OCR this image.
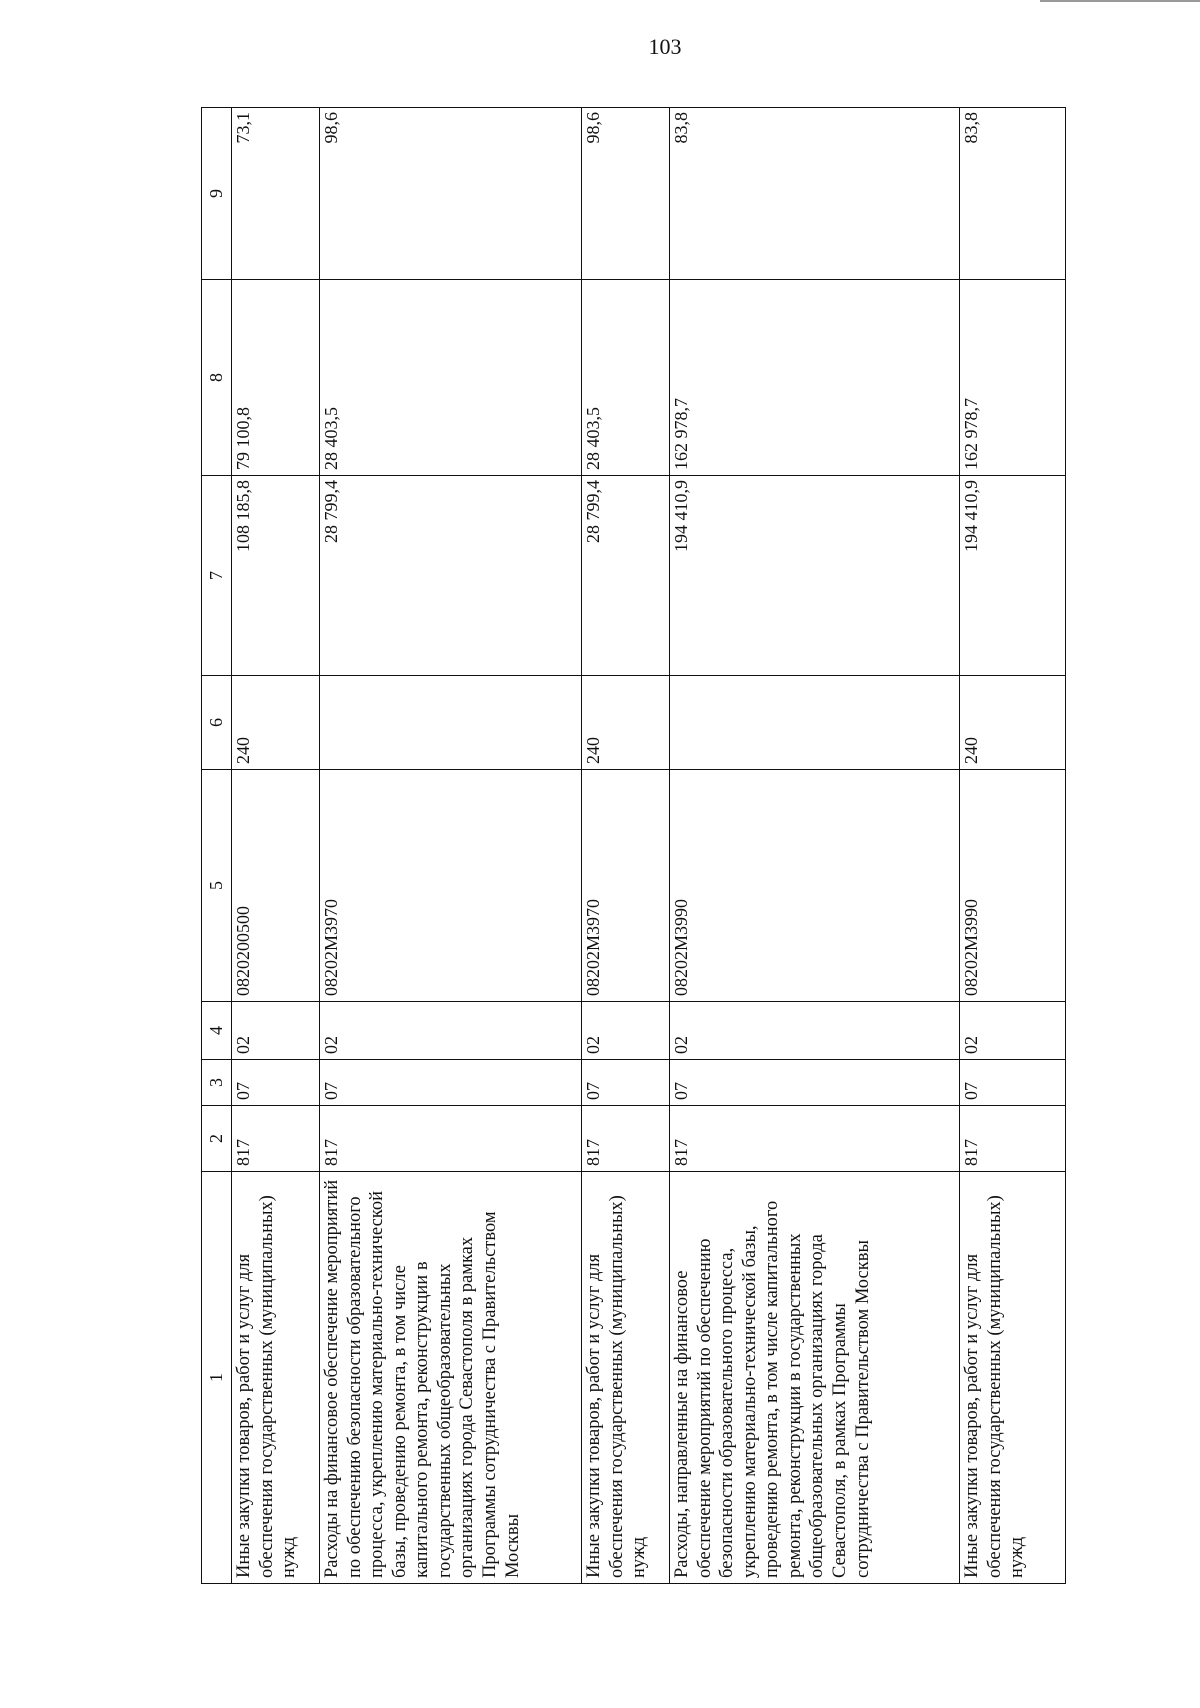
103
1	2	3	4	5	6	7	8	9
Иные закупки товаров, работ и услуг для обеспечения государственных (муниципальных) нужд	817	07	02	0820200500	240	108 185,8	79 100,8	73,1
Расходы на финансовое обеспечение мероприятий по обеспечению безопасности образовательного процесса, укреплению материально-технической базы, проведению ремонта, в том числе капитального ремонта, реконструкции в государственных общеобразовательных организациях города Севастополя в рамках Программы сотрудничества с Правительством Москвы	817	07	02	08202М3970		28 799,4	28 403,5	98,6
Иные закупки товаров, работ и услуг для обеспечения государственных (муниципальных) нужд	817	07	02	08202М3970	240	28 799,4	28 403,5	98,6
Расходы, направленные на финансовое обеспечение мероприятий по обеспечению безопасности образовательного процесса, укреплению материально-технической базы, проведению ремонта, в том числе капитального ремонта, реконструкции в государственных общеобразовательных организациях города Севастополя, в рамках Программы сотрудничества с Правительством Москвы	817	07	02	08202М3990		194 410,9	162 978,7	83,8
Иные закупки товаров, работ и услуг для обеспечения государственных (муниципальных) нужд	817	07	02	08202М3990	240	194 410,9	162 978,7	83,8
